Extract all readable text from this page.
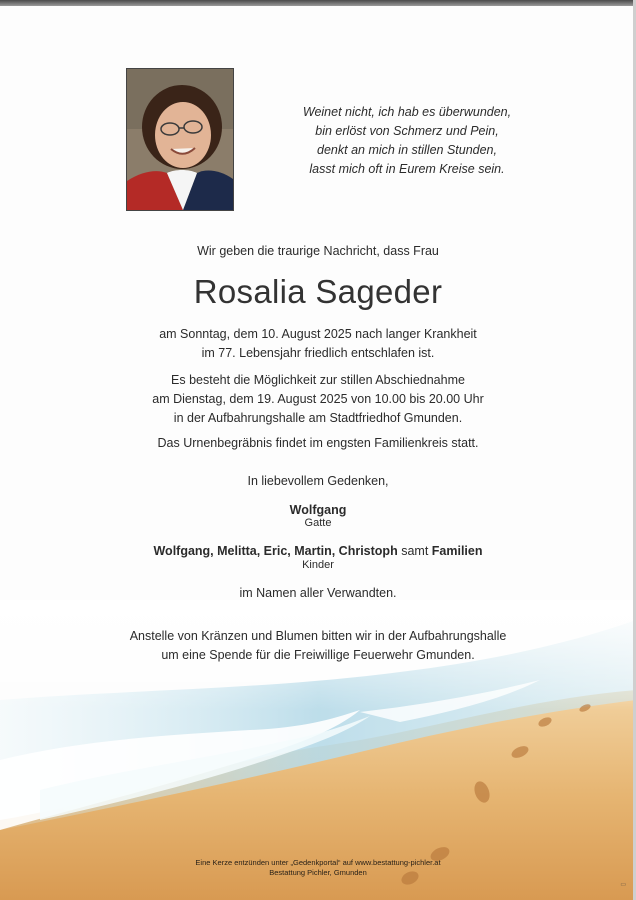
Weinet nicht, ich hab es überwunden,
bin erlöst von Schmerz und Pein,
denkt an mich in stillen Stunden,
lasst mich oft in Eurem Kreise sein.
Wir geben die traurige Nachricht, dass Frau
Rosalia Sageder
am Sonntag, dem 10. August 2025 nach langer Krankheit
im 77. Lebensjahr friedlich entschlafen ist.
Es besteht die Möglichkeit zur stillen Abschiednahme
am Dienstag, dem 19. August 2025 von 10.00 bis 20.00 Uhr
in der Aufbahrungshalle am Stadtfriedhof Gmunden.
Das Urnenbegräbnis findet im engsten Familienkreis statt.
In liebevollem Gedenken,
Wolfgang
Gatte
Wolfgang, Melitta, Eric, Martin, Christoph samt Familien
Kinder
im Namen aller Verwandten.
Anstelle von Kränzen und Blumen bitten wir in der Aufbahrungshalle
um eine Spende für die Freiwillige Feuerwehr Gmunden.
Eine Kerze entzünden unter „Gedenkportal“ auf www.bestattung-pichler.at
Bestattung Pichler, Gmunden
▭
